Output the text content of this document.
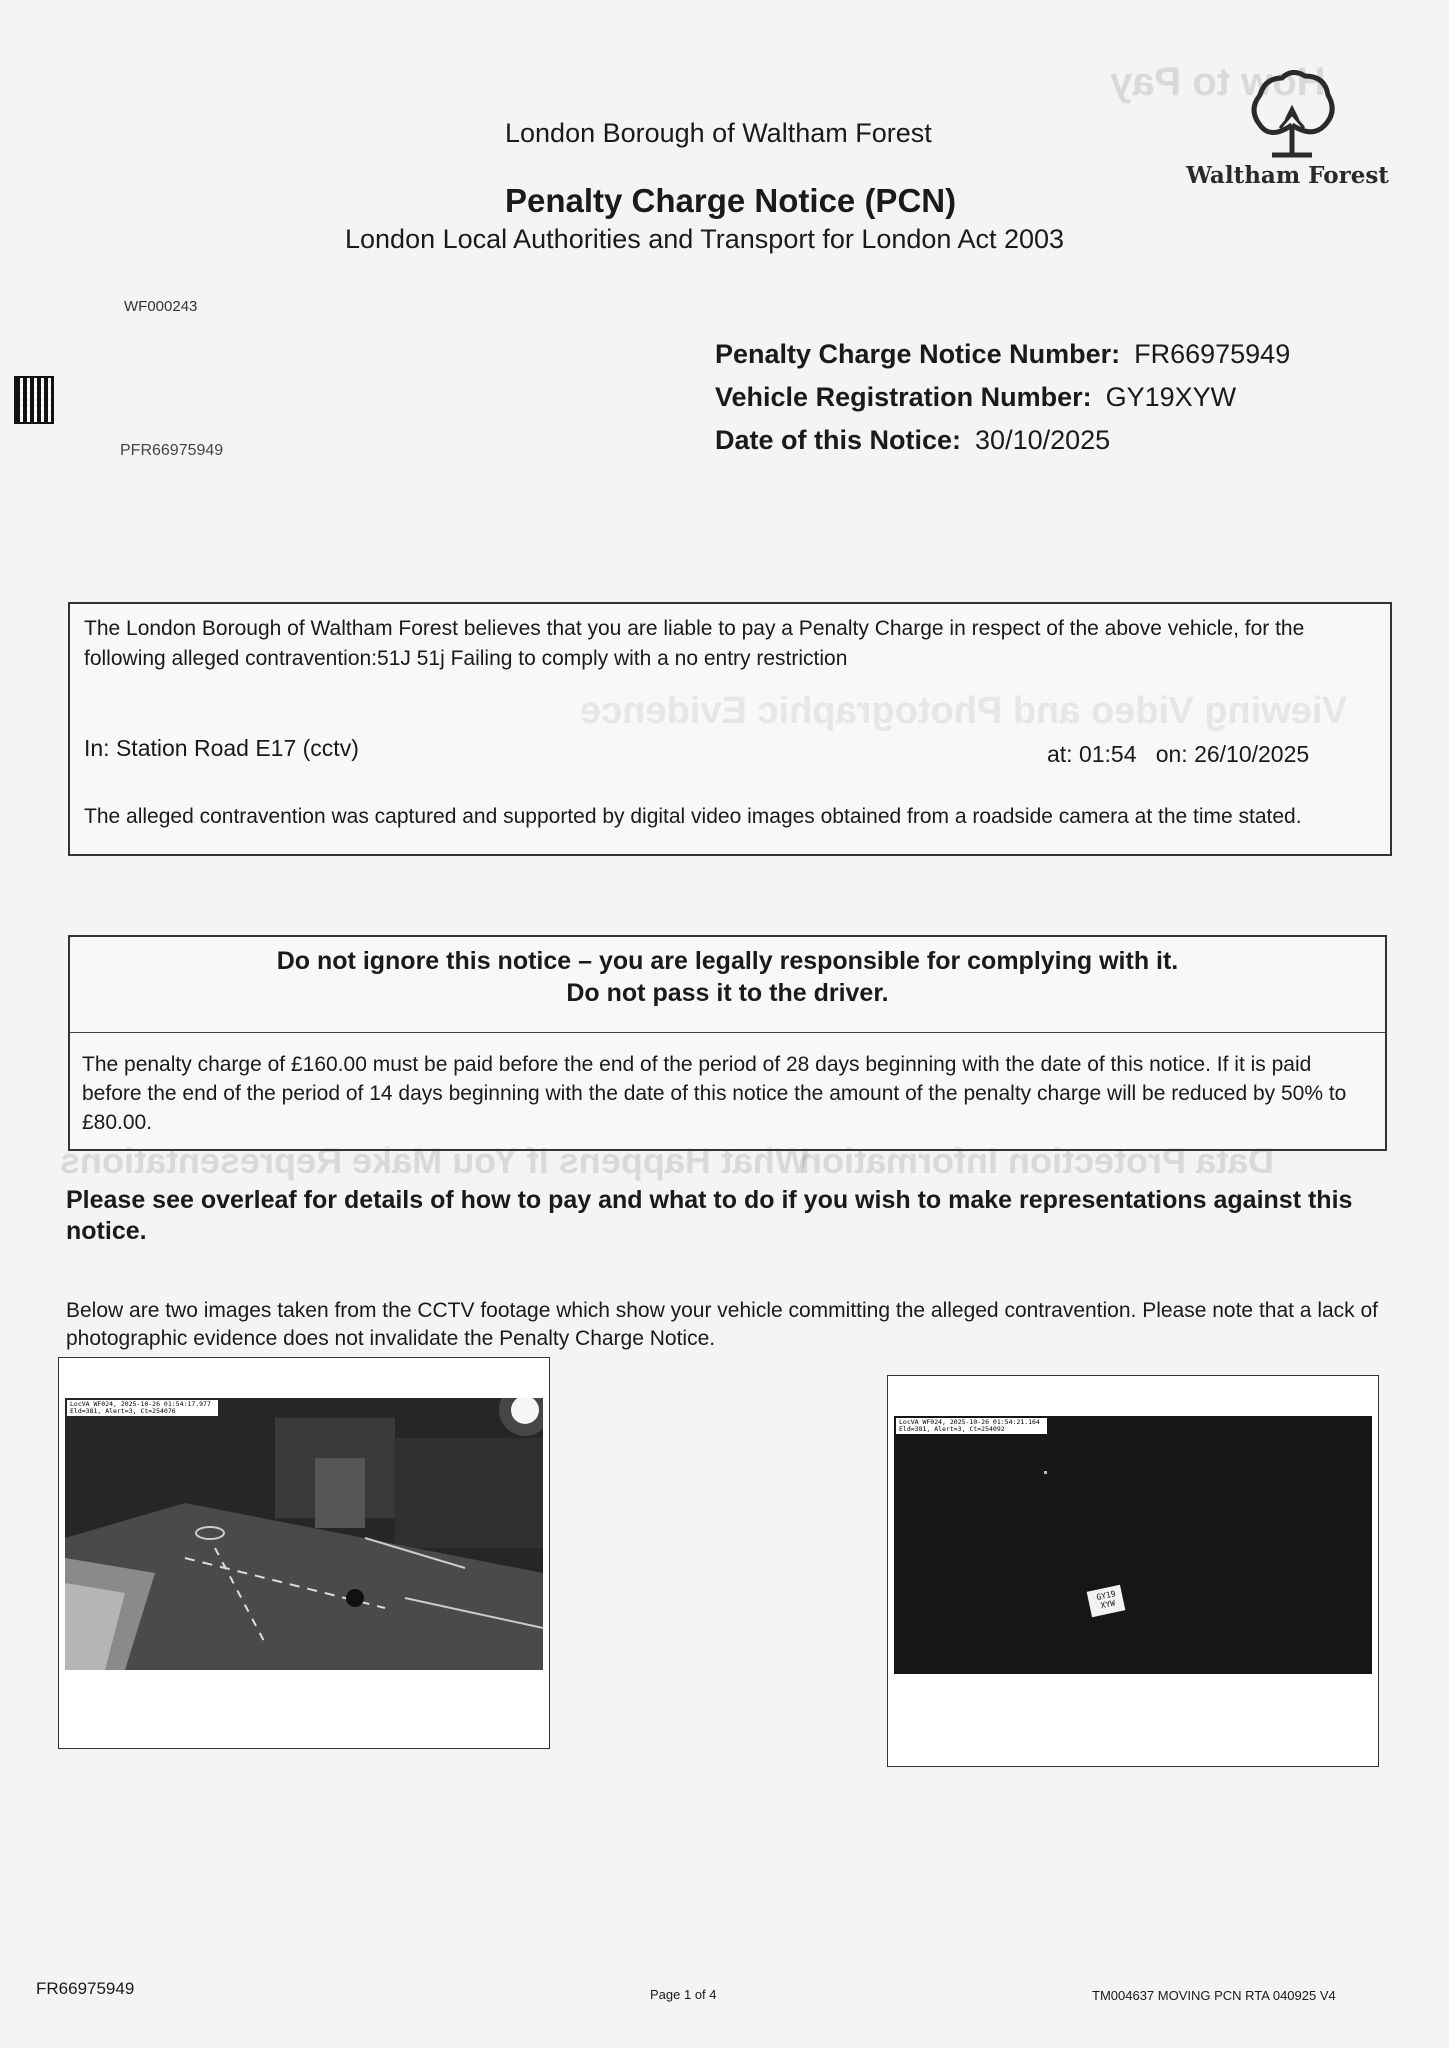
How to Pay
Viewing Video and Photographic Evidence
What Happens If You Make Representations
Data Protection Information
London Borough of Waltham Forest
Penalty Charge Notice (PCN)
London Local Authorities and Transport for London Act 2003
Waltham Forest
WF000243
PFR66975949
Penalty Charge Notice Number: FR66975949
Vehicle Registration Number: GY19XYW
Date of this Notice: 30/10/2025
The London Borough of Waltham Forest believes that you are liable to pay a Penalty Charge in respect of the above vehicle, for the following alleged contravention:51J 51j Failing to comply with a no entry restriction
In: Station Road E17 (cctv)	at: 01:54 on: 26/10/2025
The alleged contravention was captured and supported by digital video images obtained from a roadside camera at the time stated.
Do not ignore this notice – you are legally responsible for complying with it.
Do not pass it to the driver.
The penalty charge of £160.00 must be paid before the end of the period of 28 days beginning with the date of this notice. If it is paid before the end of the period of 14 days beginning with the date of this notice the amount of the penalty charge will be reduced by 50% to £80.00.
Please see overleaf for details of how to pay and what to do if you wish to make representations against this notice.
Below are two images taken from the CCTV footage which show your vehicle committing the alleged contravention. Please note that a lack of photographic evidence does not invalidate the Penalty Charge Notice.
LocVA WF024, 2025-10-26 01:54:17.977 Eld=381, Alert=3, Ct=254076
LocVA WF024, 2025-10-26 01:54:21.164 Eld=381, Alert=3, Ct=254092
GY19 XYW
FR66975949	Page 1 of 4	TM004637 MOVING PCN RTA 040925 V4
